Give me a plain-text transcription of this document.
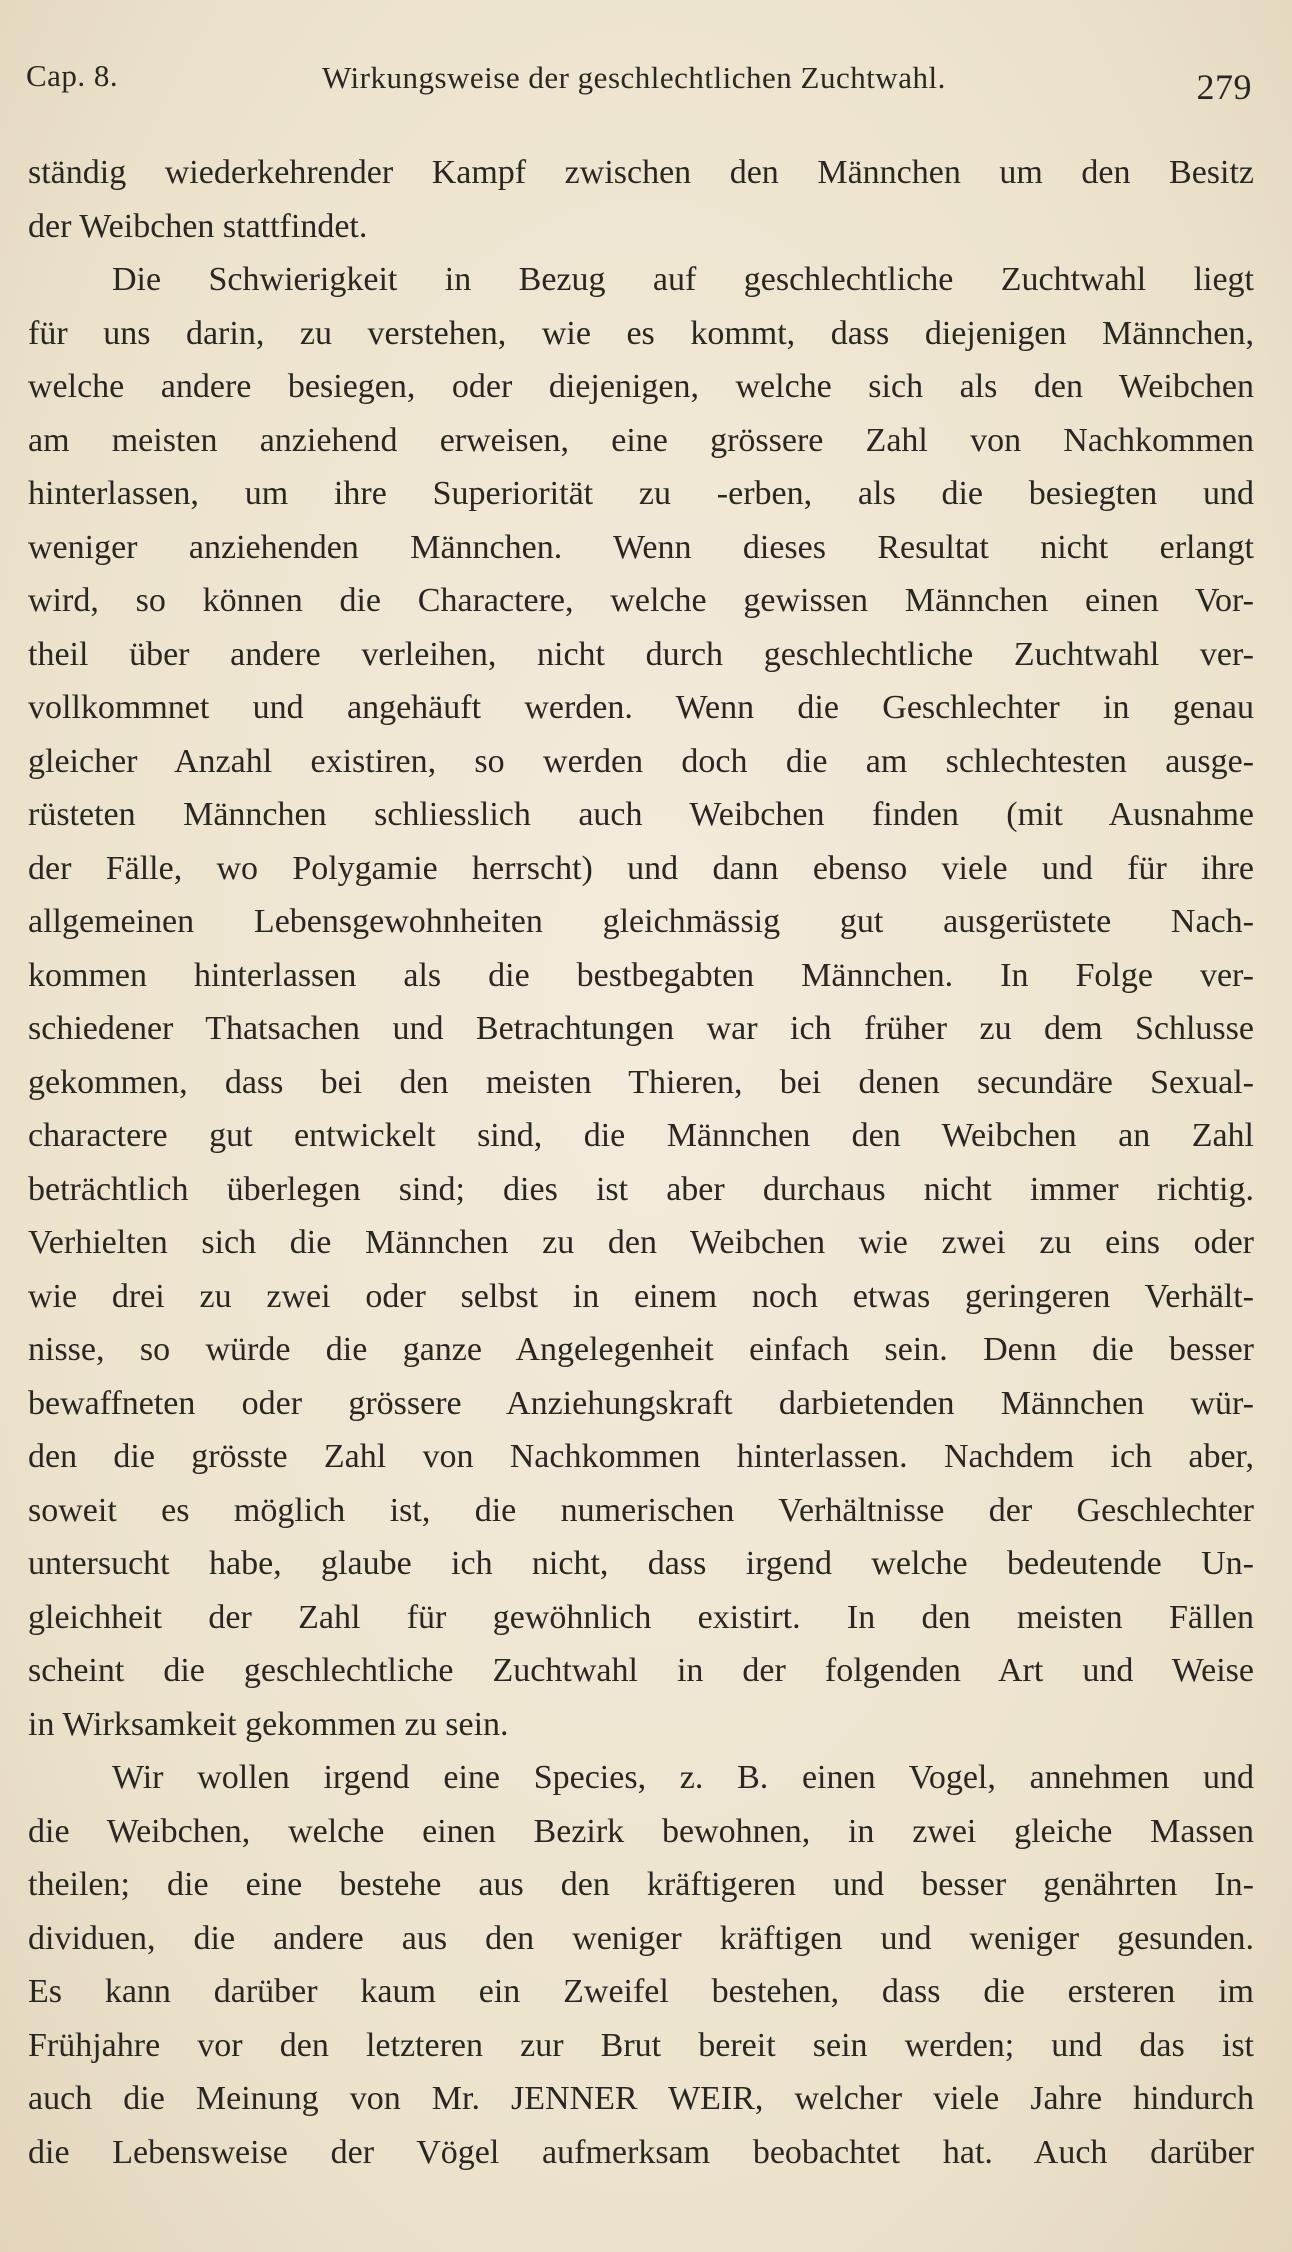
Cap. 8.	Wirkungsweise der geschlechtlichen Zuchtwahl.	279
ständig wiederkehrender Kampf zwischen den Männchen um den Besitz
der Weibchen stattfindet.
Die Schwierigkeit in Bezug auf geschlechtliche Zuchtwahl liegt
für uns darin, zu verstehen, wie es kommt, dass diejenigen Männchen,
welche andere besiegen, oder diejenigen, welche sich als den Weibchen
am meisten anziehend erweisen, eine grössere Zahl von Nachkommen
hinterlassen, um ihre Superiorität zu -erben, als die besiegten und
weniger anziehenden Männchen. Wenn dieses Resultat nicht erlangt
wird, so können die Charactere, welche gewissen Männchen einen Vor-
theil über andere verleihen, nicht durch geschlechtliche Zuchtwahl ver-
vollkommnet und angehäuft werden. Wenn die Geschlechter in genau
gleicher Anzahl existiren, so werden doch die am schlechtesten ausge-
rüsteten Männchen schliesslich auch Weibchen finden (mit Ausnahme
der Fälle, wo Polygamie herrscht) und dann ebenso viele und für ihre
allgemeinen Lebensgewohnheiten gleichmässig gut ausgerüstete Nach-
kommen hinterlassen als die bestbegabten Männchen. In Folge ver-
schiedener Thatsachen und Betrachtungen war ich früher zu dem Schlusse
gekommen, dass bei den meisten Thieren, bei denen secundäre Sexual-
charactere gut entwickelt sind, die Männchen den Weibchen an Zahl
beträchtlich überlegen sind; dies ist aber durchaus nicht immer richtig.
Verhielten sich die Männchen zu den Weibchen wie zwei zu eins oder
wie drei zu zwei oder selbst in einem noch etwas geringeren Verhält-
nisse, so würde die ganze Angelegenheit einfach sein. Denn die besser
bewaffneten oder grössere Anziehungskraft darbietenden Männchen wür-
den die grösste Zahl von Nachkommen hinterlassen. Nachdem ich aber,
soweit es möglich ist, die numerischen Verhältnisse der Geschlechter
untersucht habe, glaube ich nicht, dass irgend welche bedeutende Un-
gleichheit der Zahl für gewöhnlich existirt. In den meisten Fällen
scheint die geschlechtliche Zuchtwahl in der folgenden Art und Weise
in Wirksamkeit gekommen zu sein.
Wir wollen irgend eine Species, z. B. einen Vogel, annehmen und
die Weibchen, welche einen Bezirk bewohnen, in zwei gleiche Massen
theilen; die eine bestehe aus den kräftigeren und besser genährten In-
dividuen, die andere aus den weniger kräftigen und weniger gesunden.
Es kann darüber kaum ein Zweifel bestehen, dass die ersteren im
Frühjahre vor den letzteren zur Brut bereit sein werden; und das ist
auch die Meinung von Mr. JENNER WEIR, welcher viele Jahre hindurch
die Lebensweise der Vögel aufmerksam beobachtet hat. Auch darüber
